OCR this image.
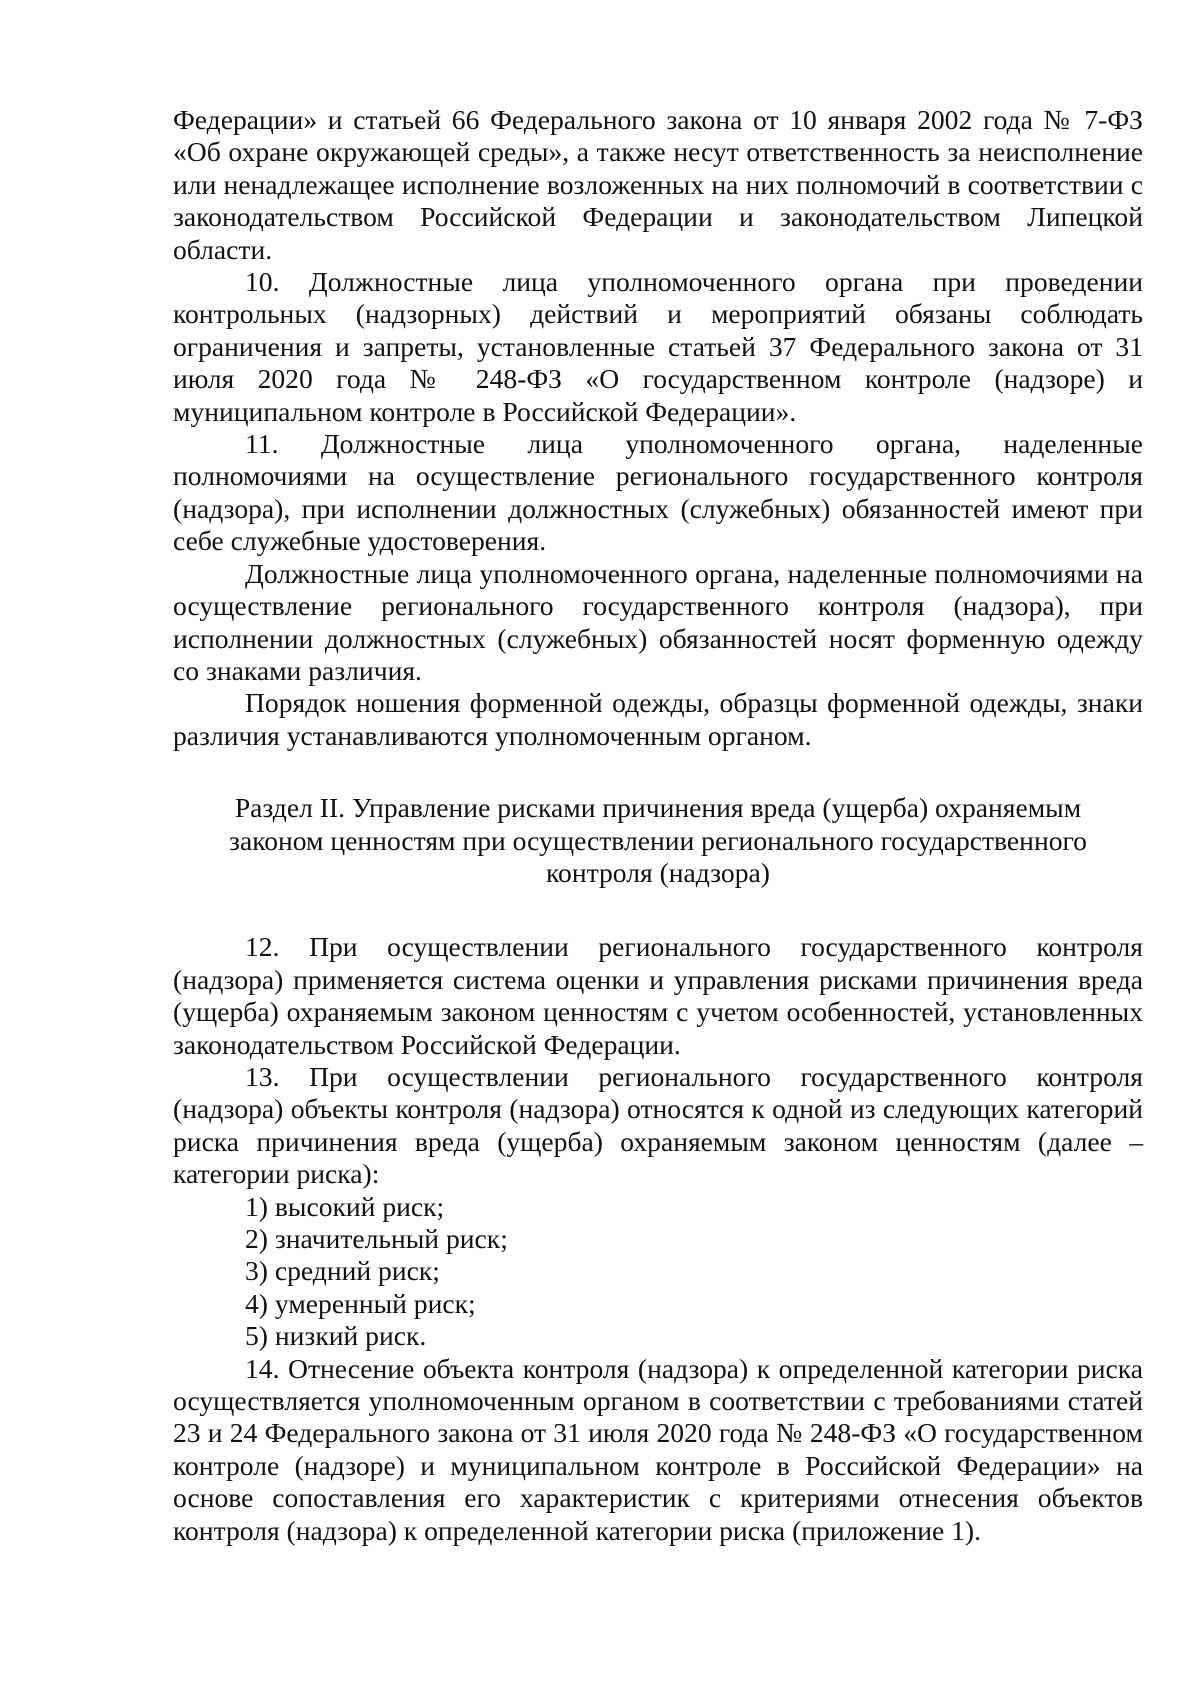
Федерации» и статьей 66 Федерального закона от 10 января 2002 года № 7-ФЗ «Об охране окружающей среды», а также несут ответственность за неисполнение или ненадлежащее исполнение возложенных на них полномочий в соответствии с законодательством Российской Федерации и законодательством Липецкой области.

10. Должностные лица уполномоченного органа при проведении контрольных (надзорных) действий и мероприятий обязаны соблюдать ограничения и запреты, установленные статьей 37 Федерального закона от 31 июля 2020 года № 248-ФЗ «О государственном контроле (надзоре) и муниципальном контроле в Российской Федерации».

11. Должностные лица уполномоченного органа, наделенные полномочиями на осуществление регионального государственного контроля (надзора), при исполнении должностных (служебных) обязанностей имеют при себе служебные удостоверения.

Должностные лица уполномоченного органа, наделенные полномочиями на осуществление регионального государственного контроля (надзора), при исполнении должностных (служебных) обязанностей носят форменную одежду со знаками различия.

Порядок ношения форменной одежды, образцы форменной одежды, знаки различия устанавливаются уполномоченным органом.

Раздел II. Управление рисками причинения вреда (ущерба) охраняемым
законом ценностям при осуществлении регионального государственного
контроля (надзора)

12. При осуществлении регионального государственного контроля (надзора) применяется система оценки и управления рисками причинения вреда (ущерба) охраняемым законом ценностям с учетом особенностей, установленных законодательством Российской Федерации.

13. При осуществлении регионального государственного контроля (надзора) объекты контроля (надзора) относятся к одной из следующих категорий риска причинения вреда (ущерба) охраняемым законом ценностям (далее – категории риска):

1) высокий риск;

2) значительный риск;

3) средний риск;

4) умеренный риск;

5) низкий риск.

14. Отнесение объекта контроля (надзора) к определенной категории риска осуществляется уполномоченным органом в соответствии с требованиями статей 23 и 24 Федерального закона от 31 июля 2020 года № 248-ФЗ «О государственном контроле (надзоре) и муниципальном контроле в Российской Федерации» на основе сопоставления его характеристик с критериями отнесения объектов контроля (надзора) к определенной категории риска (приложение 1).
